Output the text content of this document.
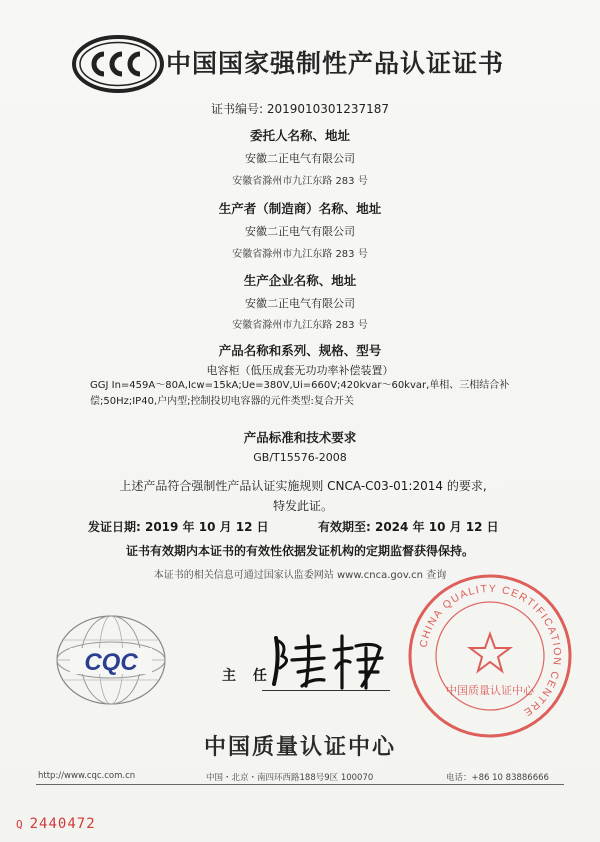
中国国家强制性产品认证证书
证书编号: 2019010301237187
委托人名称、地址
安徽二正电气有限公司
安徽省滁州市九江东路 283 号
生产者（制造商）名称、地址
安徽二正电气有限公司
安徽省滁州市九江东路 283 号
生产企业名称、地址
安徽二正电气有限公司
安徽省滁州市九江东路 283 号
产品名称和系列、规格、型号
电容柜（低压成套无功功率补偿装置）
GGJ In=459A～80A,Icw=15kA;Ue=380V,Ui=660V;420kvar～60kvar,单相、三相结合补
偿;50Hz;IP40,户内型;控制投切电容器的元件类型:复合开关
产品标准和技术要求
GB/T15576-2008
上述产品符合强制性产品认证实施规则 CNCA-C03-01:2014 的要求,
特发此证。
发证日期: 2019 年 10 月 12 日	有效期至: 2024 年 10 月 12 日
证书有效期内本证书的有效性依据发证机构的定期监督获得保持。
本证书的相关信息可通过国家认监委网站 www.cnca.gov.cn 查询
CQC	主 任:
CHINA QUALITY CERTIFICATION CENTRE
中国质量认证中心
中国质量认证中心
http://www.cqc.com.cn	中国・北京・南四环西路188号9区 100070	电话：+86 10 83886666
Q 2440472
